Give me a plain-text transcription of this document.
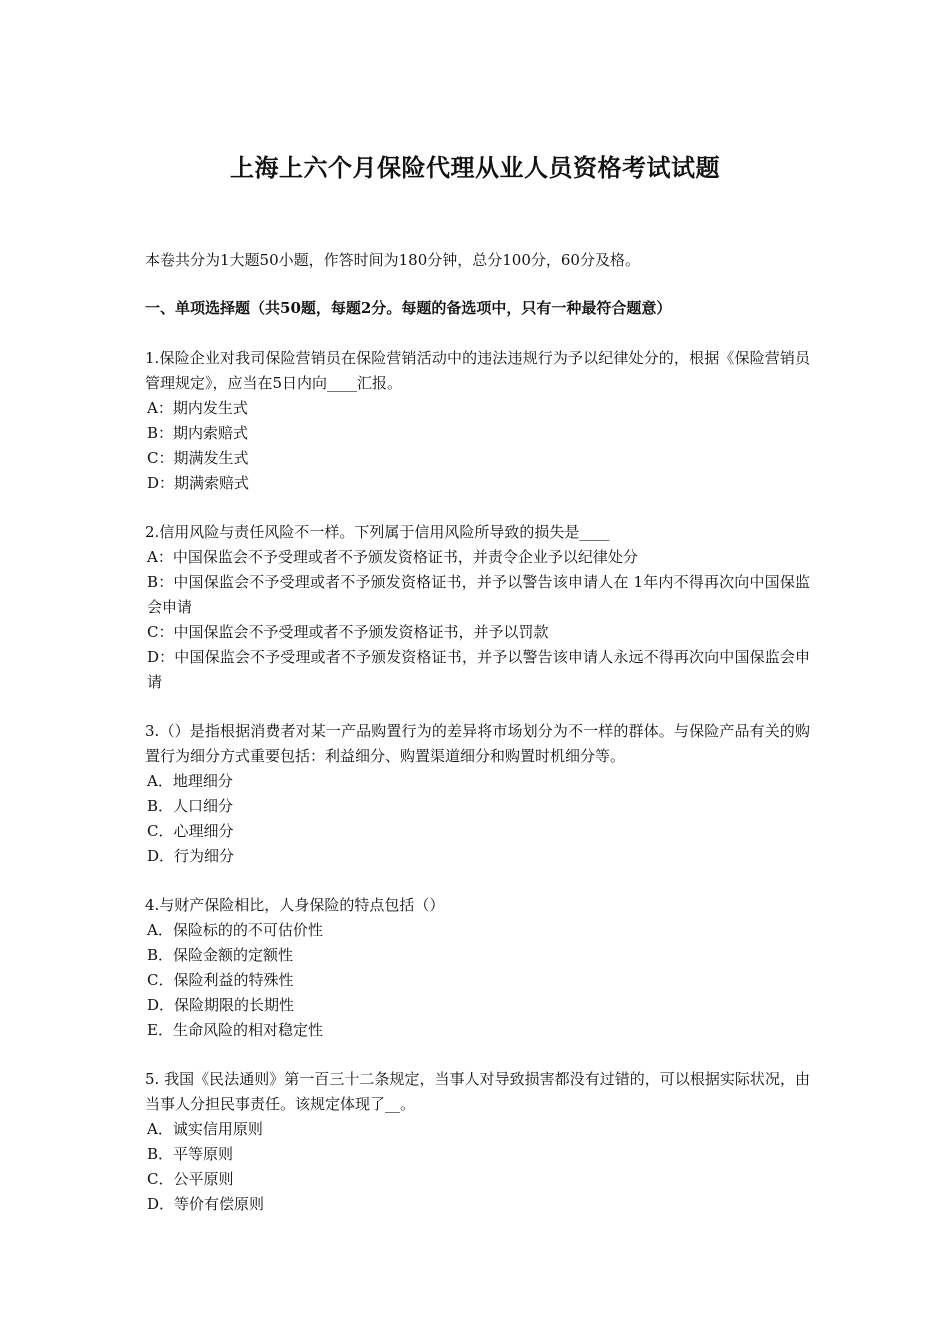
上海上六个月保险代理从业人员资格考试试题

本卷共分为1大题50小题，作答时间为180分钟，总分100分，60分及格。

一、单项选择题（共50题，每题2分。每题的备选项中，只有一种最符合题意）

1.保险企业对我司保险营销员在保险营销活动中的违法违规行为予以纪律处分的，根据《保险营销员管理规定》，应当在5日内向____汇报。

A：期内发生式

B：期内索赔式

C：期满发生式

D：期满索赔式

2.信用风险与责任风险不一样。下列属于信用风险所导致的损失是____

A：中国保监会不予受理或者不予颁发资格证书，并责令企业予以纪律处分

B：中国保监会不予受理或者不予颁发资格证书，并予以警告该申请人在 1年内不得再次向中国保监会申请

C：中国保监会不予受理或者不予颁发资格证书，并予以罚款

D：中国保监会不予受理或者不予颁发资格证书，并予以警告该申请人永远不得再次向中国保监会申请

3.（）是指根据消费者对某一产品购置行为的差异将市场划分为不一样的群体。与保险产品有关的购置行为细分方式重要包括：利益细分、购置渠道细分和购置时机细分等。

A．地理细分

B．人口细分

C．心理细分

D．行为细分

4.与财产保险相比，人身保险的特点包括（）

A．保险标的的不可估价性

B．保险金额的定额性

C．保险利益的特殊性

D．保险期限的长期性

E．生命风险的相对稳定性

5. 我国《民法通则》第一百三十二条规定，当事人对导致损害都没有过错的，可以根据实际状况，由当事人分担民事责任。该规定体现了__。

A．诚实信用原则

B．平等原则

C．公平原则

D．等价有偿原则
